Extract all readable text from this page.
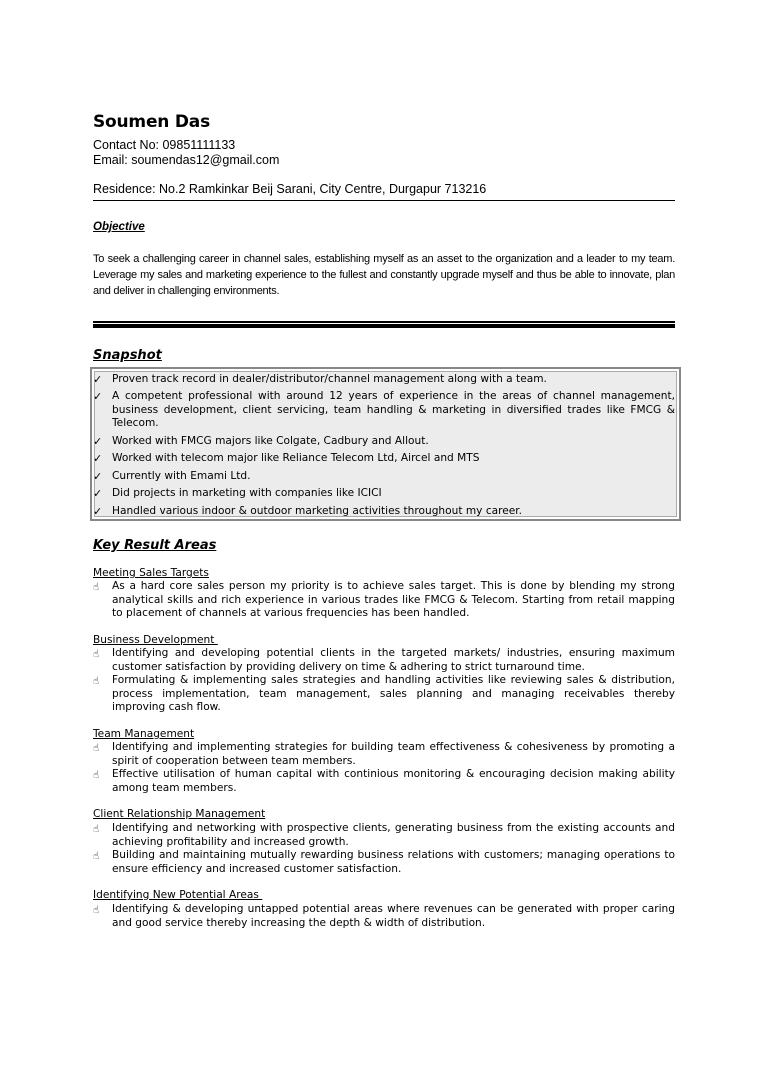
Soumen Das
Contact No: 09851111133
Email: soumendas12@gmail.com
Residence: No.2 Ramkinkar Beij Sarani, City Centre, Durgapur 713216
Objective
To seek a challenging career in channel sales, establishing myself as an asset to the organization and a leader to my team. Leverage my sales and marketing experience to the fullest and constantly upgrade myself and thus be able to innovate, plan and deliver in challenging environments.
Snapshot
✓ Proven track record in dealer/distributor/channel management along with a team.
✓ A competent professional with around 12 years of experience in the areas of channel management, business development, client servicing, team handling & marketing in diversified trades like FMCG & Telecom.
✓ Worked with FMCG majors like Colgate, Cadbury and Allout.
✓ Worked with telecom major like Reliance Telecom Ltd, Aircel and MTS
✓ Currently with Emami Ltd.
✓ Did projects in marketing with companies like ICICI
✓ Handled various indoor & outdoor marketing activities throughout my career.
Key Result Areas
Meeting Sales Targets
☝ As a hard core sales person my priority is to achieve sales target. This is done by blending my strong analytical skills and rich experience in various trades like FMCG & Telecom. Starting from retail mapping to placement of channels at various frequencies has been handled.
Business Development
☝ Identifying and developing potential clients in the targeted markets/ industries, ensuring maximum customer satisfaction by providing delivery on time & adhering to strict turnaround time.
☝ Formulating & implementing sales strategies and handling activities like reviewing sales & distribution, process implementation, team management, sales planning and managing receivables thereby improving cash flow.
Team Management
☝ Identifying and implementing strategies for building team effectiveness & cohesiveness by promoting a spirit of cooperation between team members.
☝ Effective utilisation of human capital with continious monitoring & encouraging decision making ability among team members.
Client Relationship Management
☝ Identifying and networking with prospective clients, generating business from the existing accounts and achieving profitability and increased growth.
☝ Building and maintaining mutually rewarding business relations with customers; managing operations to ensure efficiency and increased customer satisfaction.
Identifying New Potential Areas
☝ Identifying & developing untapped potential areas where revenues can be generated with proper caring and good service thereby increasing the depth & width of distribution.
